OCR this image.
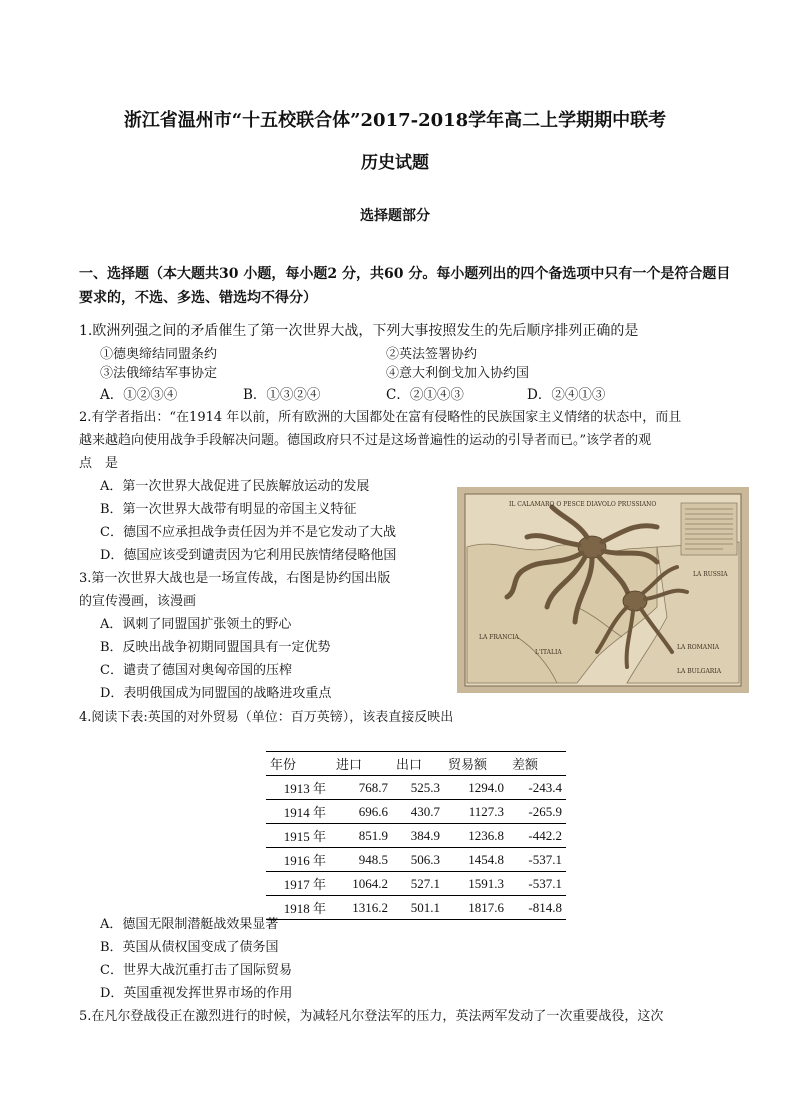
浙江省温州市“十五校联合体”2017-2018学年高二上学期期中联考
历史试题
选择题部分
一、选择题（本大题共30 小题，每小题2 分，共60 分。每小题列出的四个备选项中只有一个是符合题目
要求的，不选、多选、错选均不得分）
1.欧洲列强之间的矛盾催生了第一次世界大战，下列大事按照发生的先后顺序排列正确的是
①德奥缔结同盟条约	②英法签署协约
③法俄缔结军事协定	④意大利倒戈加入协约国
A．①②③④	B．①③②④	C．②①④③	D．②④①③
2.有学者指出：“在1914 年以前，所有欧洲的大国都处在富有侵略性的民族国家主义情绪的状态中，而且
越来越趋向使用战争手段解决问题。德国政府只不过是这场普遍性的运动的引导者而已。”该学者的观
点　是
A．第一次世界大战促进了民族解放运动的发展
B．第一次世界大战带有明显的帝国主义特征
C．德国不应承担战争责任因为并不是它发动了大战
D．德国应该受到谴责因为它利用民族情绪侵略他国
3.第一次世界大战也是一场宣传战，右图是协约国出版
的宣传漫画，该漫画
A．讽刺了同盟国扩张领土的野心
B．反映出战争初期同盟国具有一定优势
C．谴责了德国对奥匈帝国的压榨
D．表明俄国成为同盟国的战略进攻重点
IL CALAMARO O PESCE DIAVOLO PRUSSIANO
LA RUSSIA
LA FRANCIA
L'ITALIA
LA ROMANIA
LA BULGARIA
4.阅读下表:英国的对外贸易（单位：百万英镑），该表直接反映出
年份	进口	出口	贸易额	差额
1913 年	768.7	525.3	1294.0	-243.4
1914 年	696.6	430.7	1127.3	-265.9
1915 年	851.9	384.9	1236.8	-442.2
1916 年	948.5	506.3	1454.8	-537.1
1917 年	1064.2	527.1	1591.3	-537.1
1918 年	1316.2	501.1	1817.6	-814.8
A．德国无限制潜艇战效果显著
B．英国从债权国变成了债务国
C．世界大战沉重打击了国际贸易
D．英国重视发挥世界市场的作用
5.在凡尔登战役正在激烈进行的时候，为减轻凡尔登法军的压力，英法两军发动了一次重要战役，这次
